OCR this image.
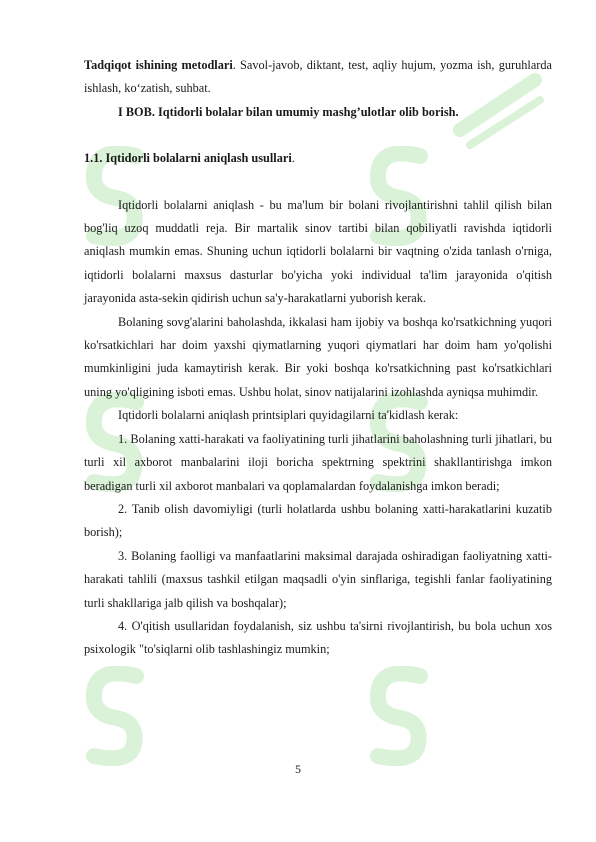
Tadqiqot ishining metodlari. Savol-javob, diktant, test, aqliy hujum, yozma ish, guruhlarda ishlash, ko‘zatish, suhbat.

I BOB. Iqtidorli bolalar bilan umumiy mashg’ulotlar olib borish.

1.1. Iqtidorli bolalarni aniqlash usullari.

Iqtidorli bolalarni aniqlash - bu ma'lum bir bolani rivojlantirishni tahlil qilish bilan bog'liq uzoq muddatli reja. Bir martalik sinov tartibi bilan qobiliyatli ravishda iqtidorli aniqlash mumkin emas. Shuning uchun iqtidorli bolalarni bir vaqtning o'zida tanlash o'rniga, iqtidorli bolalarni maxsus dasturlar bo'yicha yoki individual ta'lim jarayonida o'qitish jarayonida asta-sekin qidirish uchun sa'y-harakatlarni yuborish kerak.

Bolaning sovg'alarini baholashda, ikkalasi ham ijobiy va boshqa ko'rsatkichning yuqori ko'rsatkichlari har doim yaxshi qiymatlarning yuqori qiymatlari har doim ham yo'qolishi mumkinligini juda kamaytirish kerak. Bir yoki boshqa ko'rsatkichning past ko'rsatkichlari uning yo'qligining isboti emas. Ushbu holat, sinov natijalarini izohlashda ayniqsa muhimdir.

Iqtidorli bolalarni aniqlash printsiplari quyidagilarni ta'kidlash kerak:

1. Bolaning xatti-harakati va faoliyatining turli jihatlarini baholashning turli jihatlari, bu turli xil axborot manbalarini iloji boricha spektrning spektrini shakllantirishga imkon beradigan turli xil axborot manbalari va qoplamalardan foydalanishga imkon beradi;

2. Tanib olish davomiyligi (turli holatlarda ushbu bolaning xatti-harakatlarini kuzatib borish);

3. Bolaning faolligi va manfaatlarini maksimal darajada oshiradigan faoliyatning xatti-harakati tahlili (maxsus tashkil etilgan maqsadli o'yin sinflariga, tegishli fanlar faoliyatining turli shakllariga jalb qilish va boshqalar);

4. O'qitish usullaridan foydalanish, siz ushbu ta'sirni rivojlantirish, bu bola uchun xos psixologik "to'siqlarni olib tashlashingiz mumkin;

5
